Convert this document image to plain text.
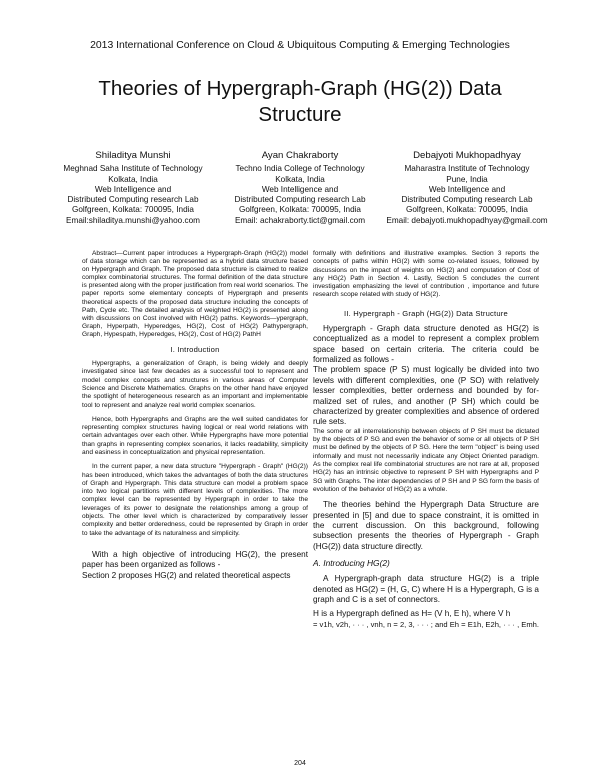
2013 International Conference on Cloud & Ubiquitous Computing & Emerging Technologies
Theories of Hypergraph-Graph (HG(2)) Data Structure
Shiladitya Munshi
Meghnad Saha Institute of Technology
Kolkata, India
Web Intelligence and
Distributed Computing research Lab
Golfgreen, Kolkata: 700095, India
Email:shiladitya.munshi@yahoo.com
Ayan Chakraborty
Techno India College of Technology
Kolkata, India
Web Intelligence and
Distributed Computing research Lab
Golfgreen, Kolkata: 700095, India
Email: achakraborty.tict@gmail.com
Debajyoti Mukhopadhyay
Maharastra Institute of Technology
Pune, India
Web Intelligence and
Distributed Computing research Lab
Golfgreen, Kolkata: 700095, India
Email: debajyoti.mukhopadhyay@gmail.com

Abstract—Current paper introduces a Hypergraph-Graph (HG(2)) model of data storage which can be represented as a hybrid data structure based on Hypergraph and Graph. The proposed data structure is claimed to realize complex combinatorial structures. The formal definition of the data structure is presented along with the proper justification from real world scenarios. The paper reports some elementary concepts of Hypergraph and presents theoretical aspects of the proposed data structure including the concepts of Path, Cycle etc. The detailed analysis of weighted HG(2) is presented along with discussions on Cost involved with HG(2) paths. Keywords—ypergraph, Graph, Hyperpath, Hyperedges, HG(2), Cost of HG(2) Pathypergraph, Graph, Hypespath, Hyperedges, HG(2), Cost of HG(2) PathH

I. Introduction

Hypergraphs, a generalization of Graph, is being widely and deeply investigated since last few decades as a successful tool to represent and model complex concepts and structures in various areas of Computer Science and Discrete Mathematics. Graphs on the other hand have enjoyed the spotlight of heterogeneous research as an important and implementable tool to represent and analyze real world complex scenarios.

Hence, both Hypergraphs and Graphs are the well suited candidates for representing complex structures having logical or real world relations with certain advantages over each other. While Hypergraphs have more potential than graphs in representing complex scenarios, it lacks readability, simplicity and easiness in conceptualization and physical representation.

In the current paper, a new data structure "Hypergraph - Graph" (HG(2)) has been introduced, which takes the advantages of both the data structures of Graph and Hypergraph. This data structure can model a problem space into two logical partitions with different levels of complexities. The more complex level can be represented by Hypergraph in order to take the leverages of its power to designate the relationships among a group of objects. The other level which is characterized by comparatively lesser complexity and better orderedness, could be represented by Graph in order to take the advantage of its naturalness and simplicity.

With a high objective of introducing HG(2), the present paper has been organized as follows -

Section 2 proposes HG(2) and related theoretical aspects

formally with definitions and illustrative examples. Section 3 reports the concepts of paths within HG(2) with some co-related issues, followed by discussions on the impact of weights on HG(2) and computation of Cost of any HG(2) Path in Section 4. Lastly, Section 5 concludes the current investigation emphasizing the level of contribution , importance and future research scope related with study of HG(2).

II. Hypergraph - Graph (HG(2)) Data Structure

Hypergraph - Graph data structure denoted as HG(2) is conceptualized as a model to represent a complex problem space based on certain criteria. The criteria could be formalized as follows -

The problem space (P S) must logically be divided into two levels with different complexities, one (P SO) with relatively lesser complexities, better orderness and bounded by for-malized set of rules, and another (P SH) which could be characterized by greater complexities and absence of ordered rule sets.

The some or all interrelationship between objects of P SH must be dictated by the objects of P SG and even the behavior of some or all objects of P SH must be defined by the objects of P SG. Here the term "object" is being used informally and must not necessarily indicate any Object Oriented paradigm. As the complex real life combinatorial structures are not rare at all, proposed HG(2) has an intrinsic objective to represent P SH with Hypergraphs and P SG with Graphs. The inter dependencies of P SH and P SG form the basis of evolution of the behavior of HG(2) as a whole.

The theories behind the Hypergraph Data Structure are presented in [5] and due to space constraint, it is omitted in the current discussion. On this background, following subsection presents the theories of Hypergraph - Graph (HG(2)) data structure directly.

A. Introducing HG(2)

A Hypergraph-graph data structure HG(2) is a triple denoted as HG(2) = (H, G, C) where H is a Hypergraph, G is a graph and C is a set of connectors.

H is a Hypergraph defined as H= (V h, E h), where V h

= v1h, v2h, · · · , vnh, n = 2, 3, · · · ; and Eh = E1h, E2h, · · · , Emh.

204
